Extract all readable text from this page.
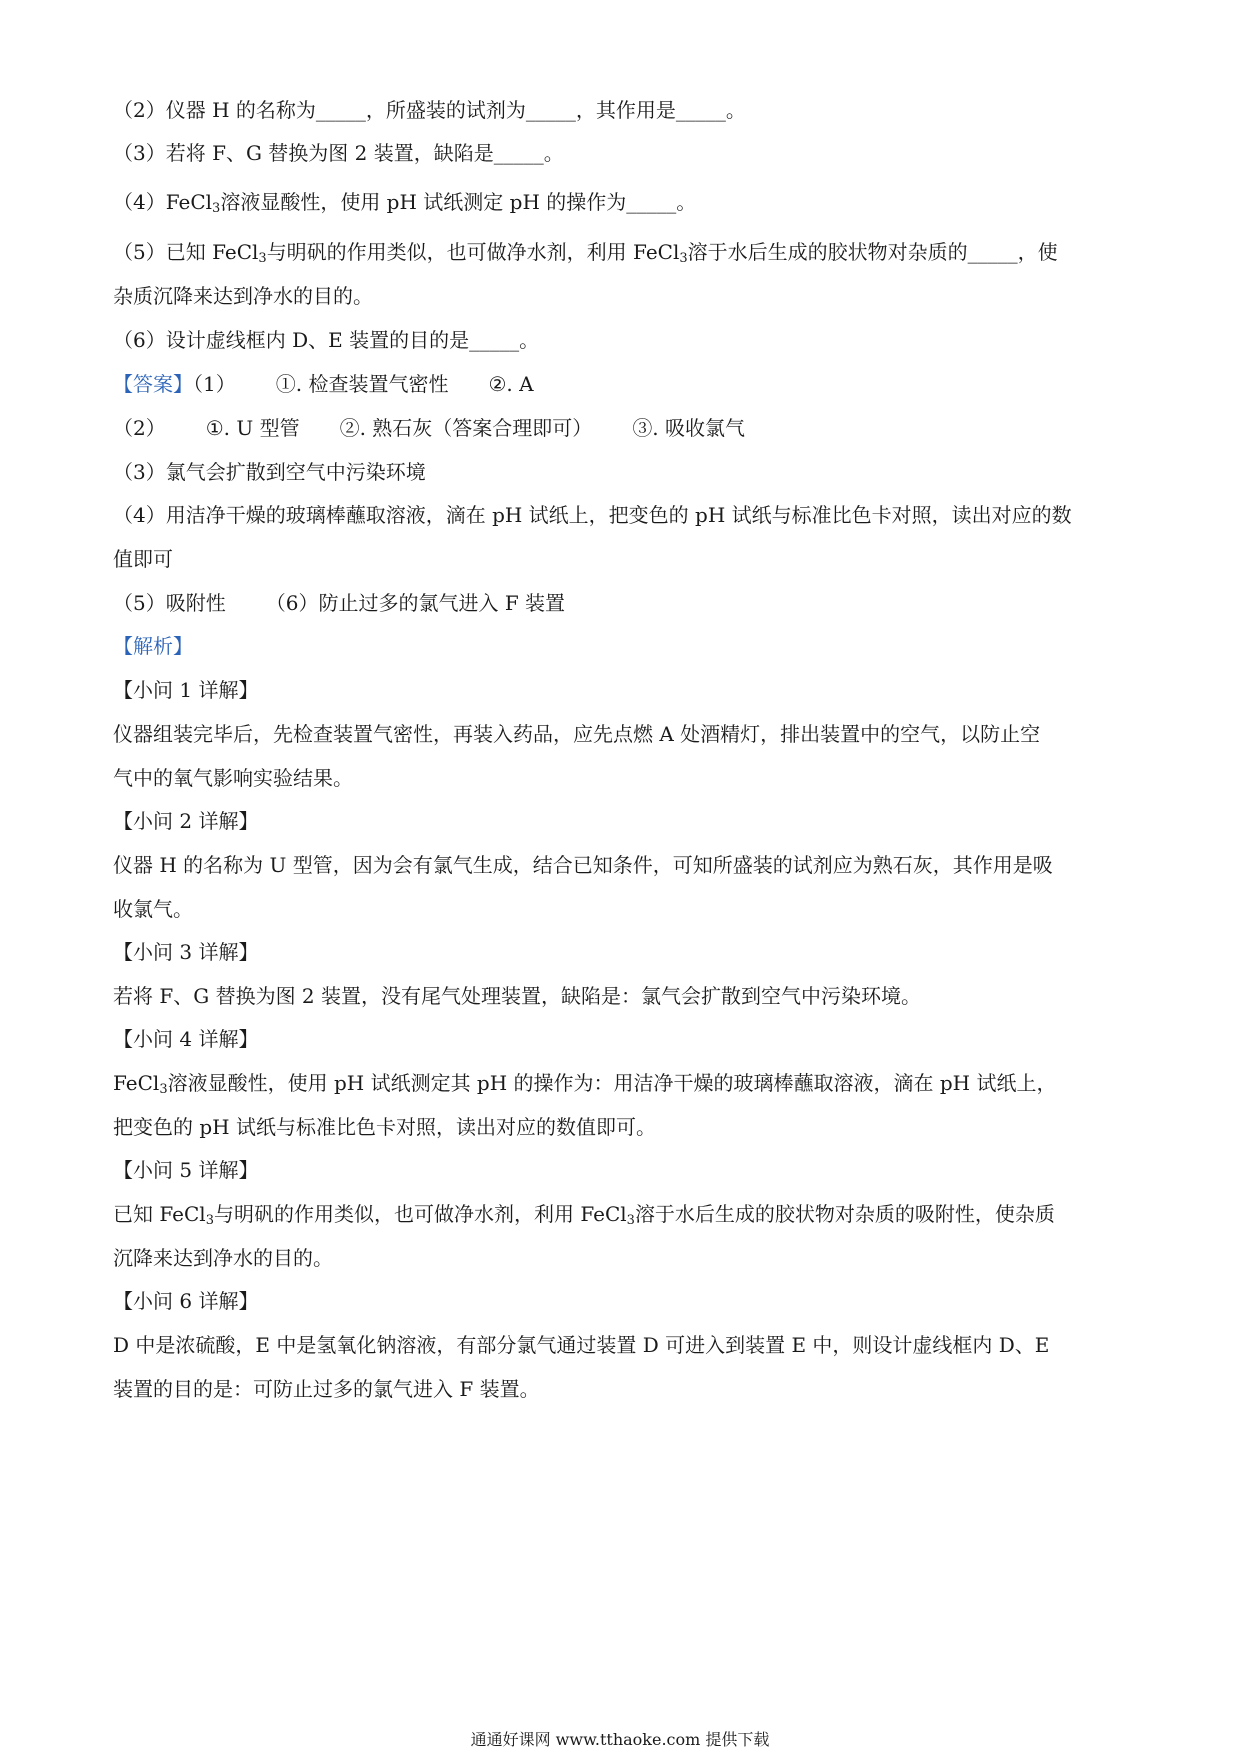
（2）仪器 H 的名称为_____，所盛装的试剂为_____，其作用是_____。
（3）若将 F、G 替换为图 2 装置，缺陷是_____。
（4）FeCl$_3$溶液显酸性，使用 pH 试纸测定 pH 的操作为_____。
（5）已知 FeCl$_3$与明矾的作用类似，也可做净水剂，利用 FeCl$_3$溶于水后生成的胶状物对杂质的_____，使
杂质沉降来达到净水的目的。
（6）设计虚线框内 D、E 装置的目的是_____。
【答案】（1） ①. 检查装置气密性 ②. A
（2） ①. U 型管 ②. 熟石灰（答案合理即可） ③. 吸收氯气
（3）氯气会扩散到空气中污染环境
（4）用洁净干燥的玻璃棒蘸取溶液，滴在 pH 试纸上，把变色的 pH 试纸与标准比色卡对照，读出对应的数
值即可
（5）吸附性 （6）防止过多的氯气进入 F 装置
【解析】
【小问 1 详解】
仪器组装完毕后，先检查装置气密性，再装入药品，应先点燃 A 处酒精灯，排出装置中的空气，以防止空
气中的氧气影响实验结果。
【小问 2 详解】
仪器 H 的名称为 U 型管，因为会有氯气生成，结合已知条件，可知所盛装的试剂应为熟石灰，其作用是吸
收氯气。
【小问 3 详解】
若将 F、G 替换为图 2 装置，没有尾气处理装置，缺陷是：氯气会扩散到空气中污染环境。
【小问 4 详解】
FeCl$_3$溶液显酸性，使用 pH 试纸测定其 pH 的操作为：用洁净干燥的玻璃棒蘸取溶液，滴在 pH 试纸上，
把变色的 pH 试纸与标准比色卡对照，读出对应的数值即可。
【小问 5 详解】
已知 FeCl$_3$与明矾的作用类似，也可做净水剂，利用 FeCl$_3$溶于水后生成的胶状物对杂质的吸附性，使杂质
沉降来达到净水的目的。
【小问 6 详解】
D 中是浓硫酸，E 中是氢氧化钠溶液，有部分氯气通过装置 D 可进入到装置 E 中，则设计虚线框内 D、E
装置的目的是：可防止过多的氯气进入 F 装置。
通通好课网 www.tthaoke.com 提供下载
